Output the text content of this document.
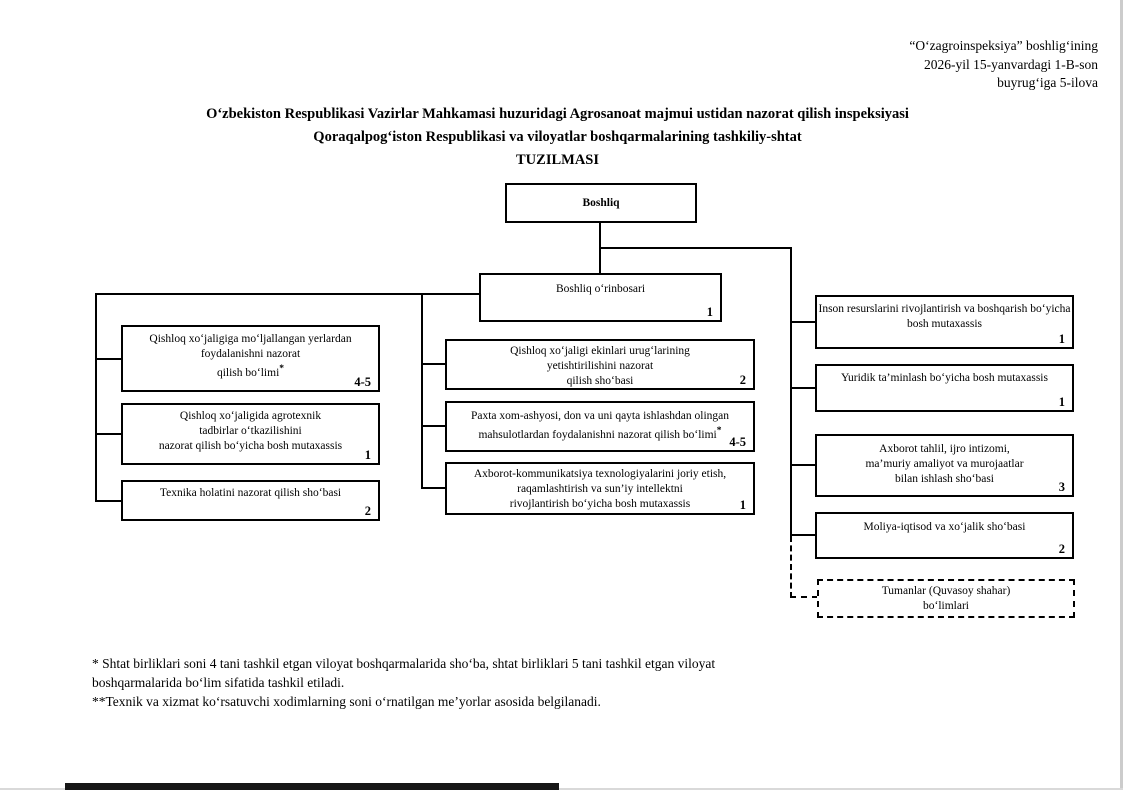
“O‘zagroinspeksiya” boshlig‘ining
2026-yil 15-yanvardagi 1-B-son
buyrug‘iga 5-ilova
O‘zbekiston Respublikasi Vazirlar Mahkamasi huzuridagi Agrosanoat majmui ustidan nazorat qilish inspeksiyasi
Qoraqalpog‘iston Respublikasi va viloyatlar boshqarmalarining tashkiliy-shtat
TUZILMASI
Boshliq
Boshliq o‘rinbosari
1
Qishloq xo‘jaligiga mo‘ljallangan yerlardan
foydalanishni nazorat
qilish bo‘limi*
4-5
Qishloq xo‘jaligida agrotexnik
tadbirlar o‘tkazilishini
nazorat qilish bo‘yicha bosh mutaxassis
1
Texnika holatini nazorat qilish sho‘basi
2
Qishloq xo‘jaligi ekinlari urug‘larining
yetishtirilishini nazorat
qilish sho‘basi	2
Paxta xom-ashyosi, don va uni qayta ishlashdan olingan
mahsulotlardan foydalanishni nazorat qilish bo‘limi*
4-5
Axborot-kommunikatsiya texnologiyalarini joriy etish,
raqamlashtirish va sun’iy intellektni
rivojlantirish bo‘yicha bosh mutaxassis	1
Inson resurslarini rivojlantirish va boshqarish bo‘yicha
bosh mutaxassis
1
Yuridik ta’minlash bo‘yicha bosh mutaxassis
1
Axborot tahlil, ijro intizomi,
ma’muriy amaliyot va murojaatlar
bilan ishlash sho‘basi
3
Moliya-iqtisod va xo‘jalik sho‘basi
2
Tumanlar (Quvasoy shahar)
bo‘limlari
* Shtat birliklari soni 4 tani tashkil etgan viloyat boshqarmalarida sho‘ba, shtat birliklari 5 tani tashkil etgan viloyat
boshqarmalarida bo‘lim sifatida tashkil etiladi.
**Texnik va xizmat ko‘rsatuvchi xodimlarning soni o‘rnatilgan me’yorlar asosida belgilanadi.
